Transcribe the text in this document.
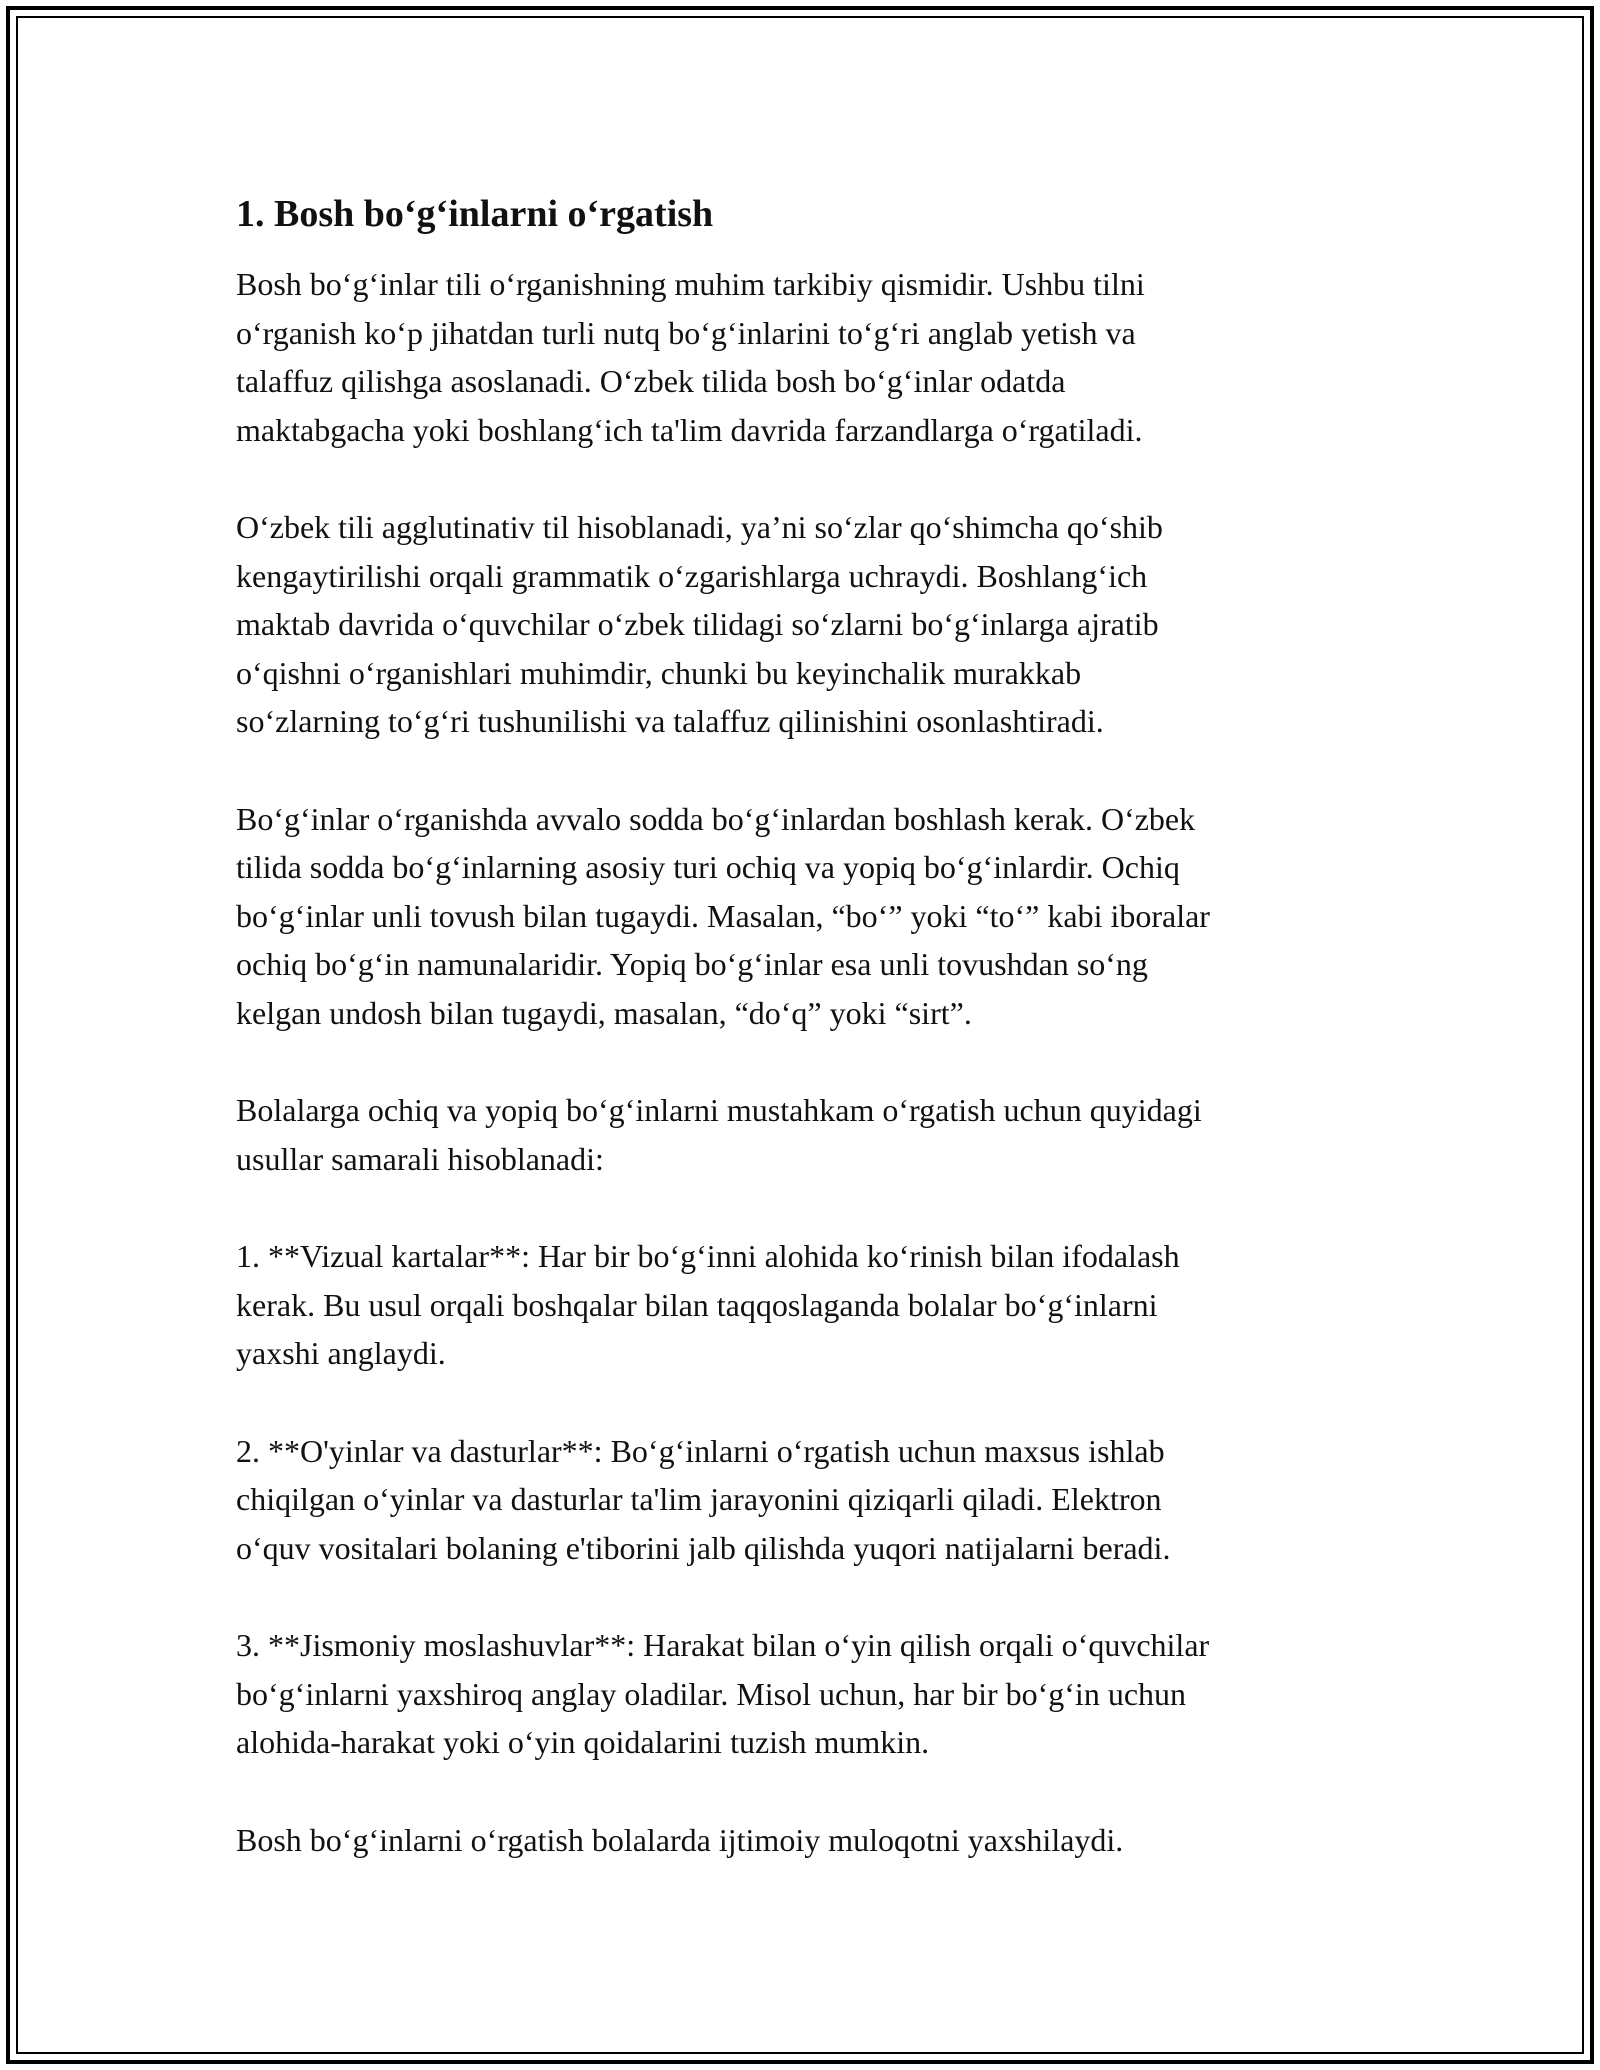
1. Bosh bo‘g‘inlarni o‘rgatish

Bosh bo‘g‘inlar tili o‘rganishning muhim tarkibiy qismidir. Ushbu tilni
o‘rganish ko‘p jihatdan turli nutq bo‘g‘inlarini to‘g‘ri anglab yetish va
talaffuz qilishga asoslanadi. O‘zbek tilida bosh bo‘g‘inlar odatda
maktabgacha yoki boshlang‘ich ta'lim davrida farzandlarga o‘rgatiladi.

O‘zbek tili agglutinativ til hisoblanadi, ya’ni so‘zlar qo‘shimcha qo‘shib
kengaytirilishi orqali grammatik o‘zgarishlarga uchraydi. Boshlang‘ich
maktab davrida o‘quvchilar o‘zbek tilidagi so‘zlarni bo‘g‘inlarga ajratib
o‘qishni o‘rganishlari muhimdir, chunki bu keyinchalik murakkab
so‘zlarning to‘g‘ri tushunilishi va talaffuz qilinishini osonlashtiradi.

Bo‘g‘inlar o‘rganishda avvalo sodda bo‘g‘inlardan boshlash kerak. O‘zbek
tilida sodda bo‘g‘inlarning asosiy turi ochiq va yopiq bo‘g‘inlardir. Ochiq
bo‘g‘inlar unli tovush bilan tugaydi. Masalan, “bo‘” yoki “to‘” kabi iboralar
ochiq bo‘g‘in namunalaridir. Yopiq bo‘g‘inlar esa unli tovushdan so‘ng
kelgan undosh bilan tugaydi, masalan, “do‘q” yoki “sirt”.

Bolalarga ochiq va yopiq bo‘g‘inlarni mustahkam o‘rgatish uchun quyidagi
usullar samarali hisoblanadi:

1. **Vizual kartalar**: Har bir bo‘g‘inni alohida ko‘rinish bilan ifodalash
kerak. Bu usul orqali boshqalar bilan taqqoslaganda bolalar bo‘g‘inlarni
yaxshi anglaydi.

2. **O'yinlar va dasturlar**: Bo‘g‘inlarni o‘rgatish uchun maxsus ishlab
chiqilgan o‘yinlar va dasturlar ta'lim jarayonini qiziqarli qiladi. Elektron
o‘quv vositalari bolaning e'tiborini jalb qilishda yuqori natijalarni beradi.

3. **Jismoniy moslashuvlar**: Harakat bilan o‘yin qilish orqali o‘quvchilar
bo‘g‘inlarni yaxshiroq anglay oladilar. Misol uchun, har bir bo‘g‘in uchun
alohida-harakat yoki o‘yin qoidalarini tuzish mumkin.

Bosh bo‘g‘inlarni o‘rgatish bolalarda ijtimoiy muloqotni yaxshilaydi.
